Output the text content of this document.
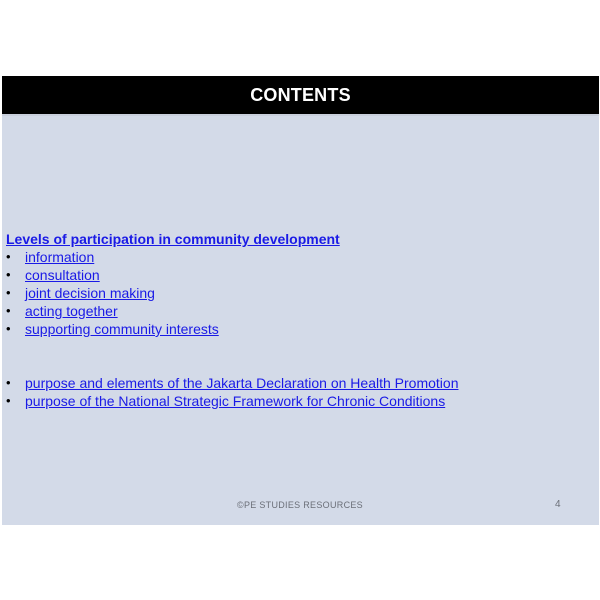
CONTENTS
Levels of participation in community development
• information
• consultation
• joint decision making
• acting together
• supporting community interests
• purpose and elements of the Jakarta Declaration on Health Promotion
• purpose of the National Strategic Framework for Chronic Conditions
©PE STUDIES RESOURCES	4
